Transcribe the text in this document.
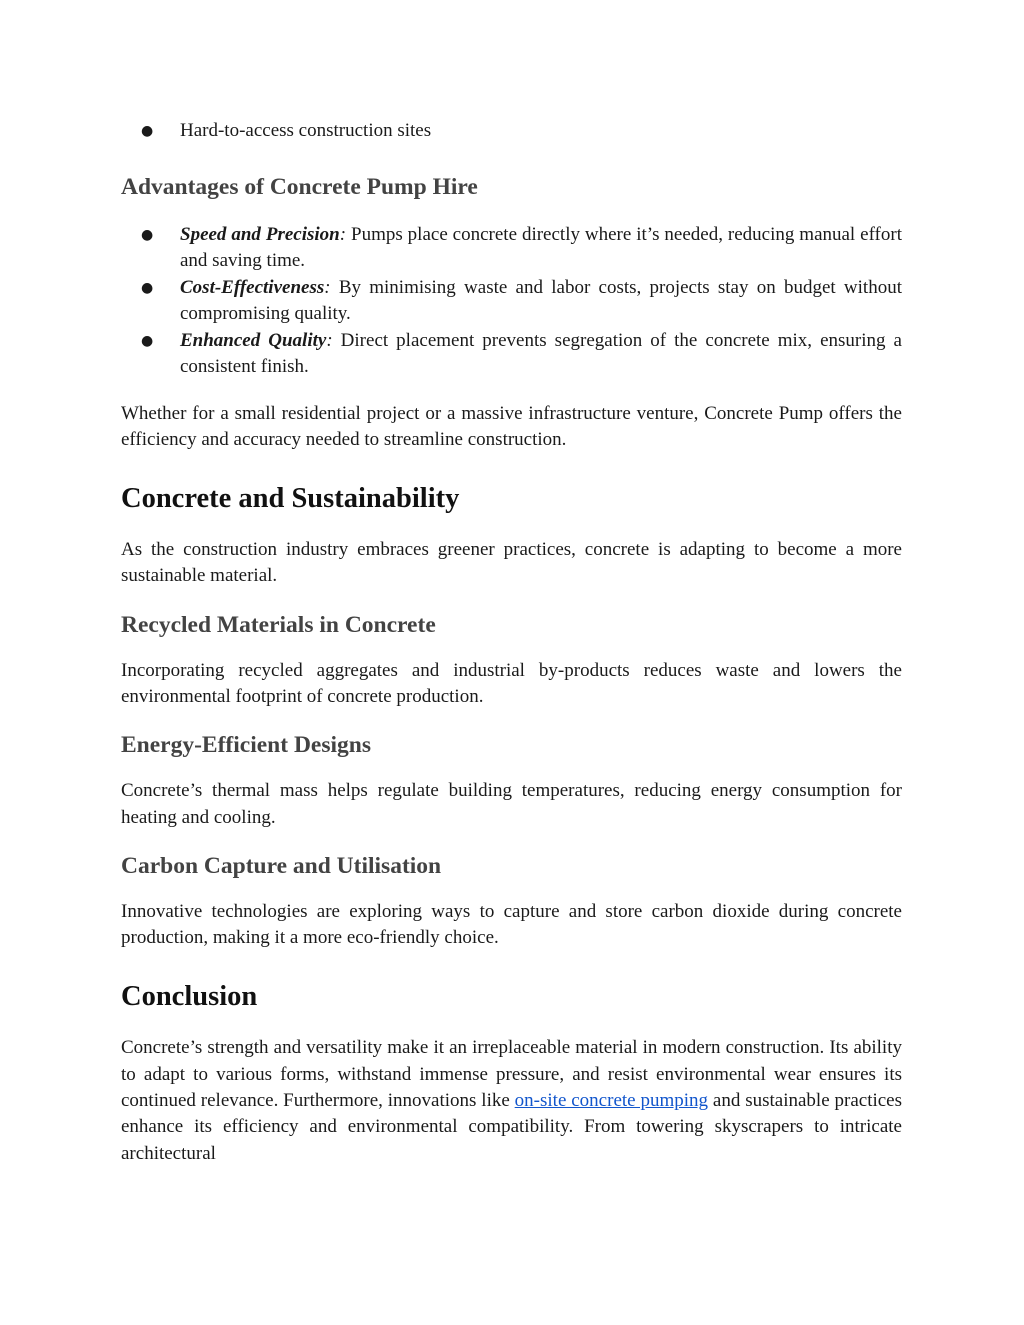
● Hard-to-access construction sites
Advantages of Concrete Pump Hire
● Speed and Precision: Pumps place concrete directly where it’s needed, reducing manual effort and saving time.
● Cost-Effectiveness: By minimising waste and labor costs, projects stay on budget without compromising quality.
● Enhanced Quality: Direct placement prevents segregation of the concrete mix, ensuring a consistent finish.

Whether for a small residential project or a massive infrastructure venture, Concrete Pump offers the efficiency and accuracy needed to streamline construction.

Concrete and Sustainability

As the construction industry embraces greener practices, concrete is adapting to become a more sustainable material.

Recycled Materials in Concrete

Incorporating recycled aggregates and industrial by-products reduces waste and lowers the environmental footprint of concrete production.

Energy-Efficient Designs

Concrete’s thermal mass helps regulate building temperatures, reducing energy consumption for heating and cooling.

Carbon Capture and Utilisation

Innovative technologies are exploring ways to capture and store carbon dioxide during concrete production, making it a more eco-friendly choice.

Conclusion

Concrete’s strength and versatility make it an irreplaceable material in modern construction. Its ability to adapt to various forms, withstand immense pressure, and resist environmental wear ensures its continued relevance. Furthermore, innovations like on-site concrete pumping and sustainable practices enhance its efficiency and environmental compatibility. From towering skyscrapers to intricate architectural
